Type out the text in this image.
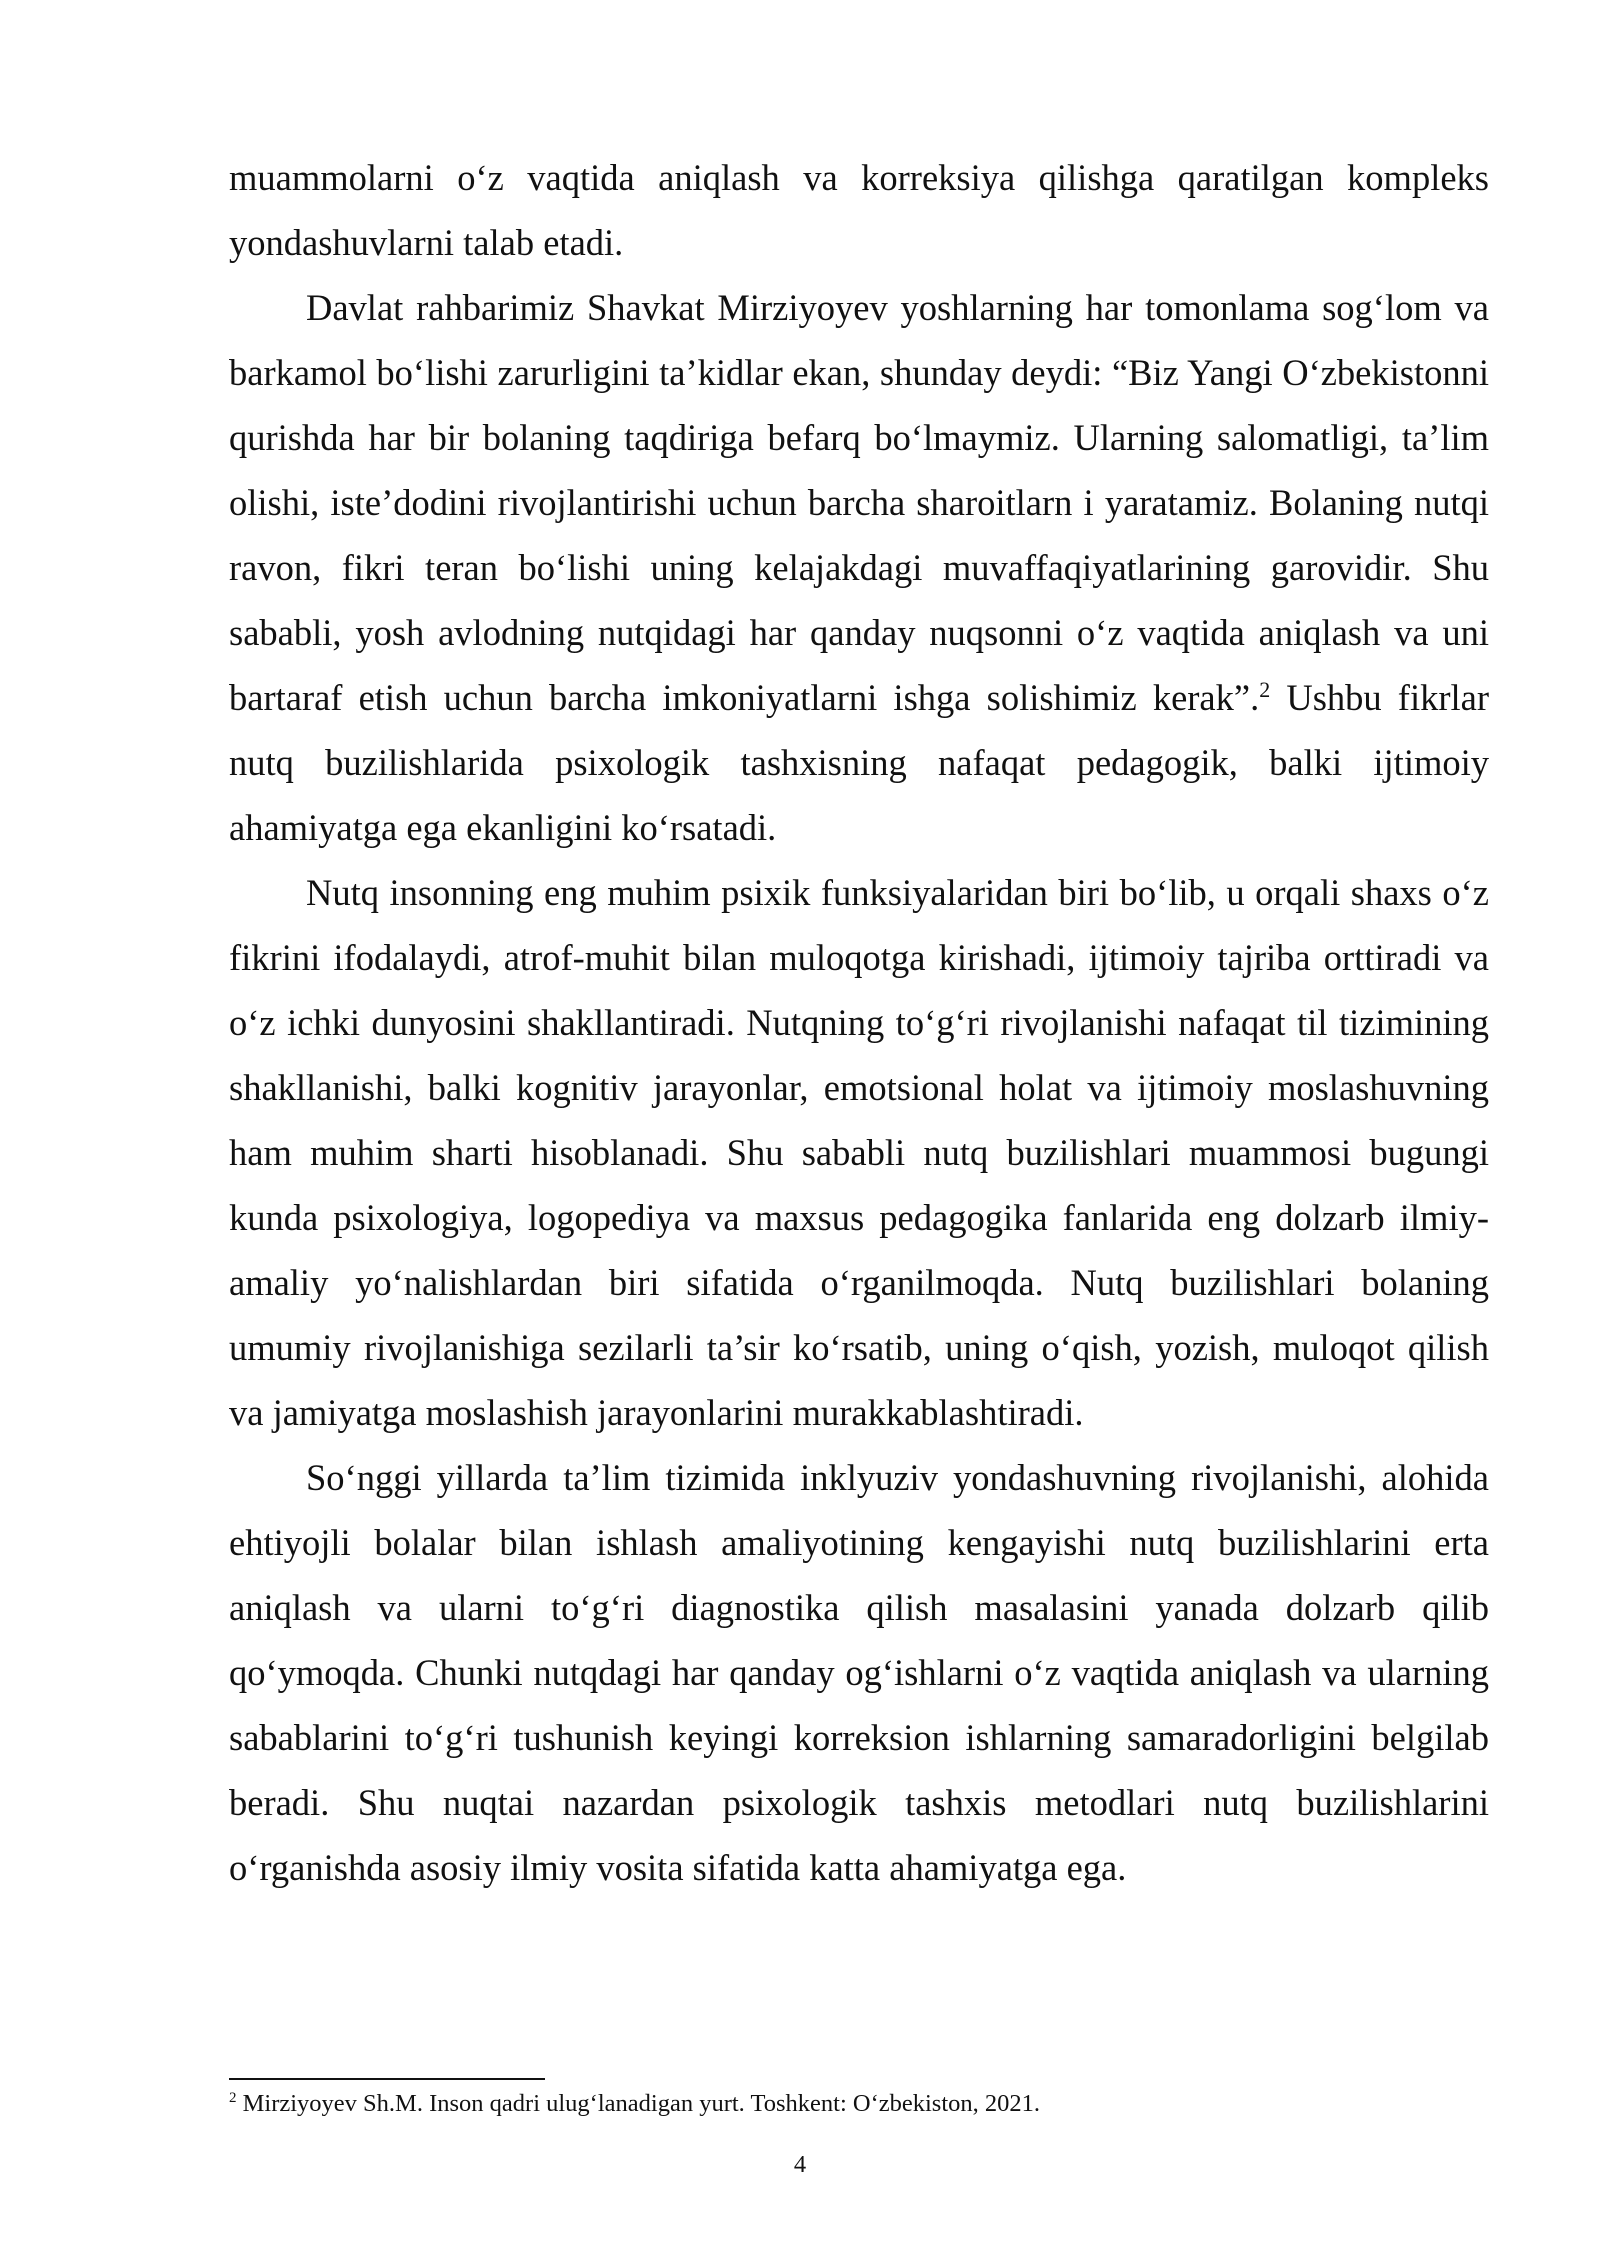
muammolarni o‘z vaqtida aniqlash va korreksiya qilishga qaratilgan kompleks yondashuvlarni talab etadi.

Davlat rahbarimiz Shavkat Mirziyoyev yoshlarning har tomonlama sog‘lom va barkamol bo‘lishi zarurligini ta’kidlar ekan, shunday deydi: “Biz Yangi O‘zbekistonni qurishda har bir bolaning taqdiriga befarq bo‘lmaymiz. Ularning salomatligi, ta’lim olishi, iste’dodini rivojlantirishi uchun barcha sharoitlarn i yaratamiz. Bolaning nutqi ravon, fikri teran bo‘lishi uning kelajakdagi muvaffaqiyatlarining garovidir. Shu sababli, yosh avlodning nutqidagi har qanday nuqsonni o‘z vaqtida aniqlash va uni bartaraf etish uchun barcha imkoniyatlarni ishga solishimiz kerak”.$^2$ Ushbu fikrlar nutq buzilishlarida psixologik tashxisning nafaqat pedagogik, balki ijtimoiy ahamiyatga ega ekanligini ko‘rsatadi.

Nutq insonning eng muhim psixik funksiyalaridan biri bo‘lib, u orqali shaxs o‘z fikrini ifodalaydi, atrof-muhit bilan muloqotga kirishadi, ijtimoiy tajriba orttiradi va o‘z ichki dunyosini shakllantiradi. Nutqning to‘g‘ri rivojlanishi nafaqat til tizimining shakllanishi, balki kognitiv jarayonlar, emotsional holat va ijtimoiy moslashuvning ham muhim sharti hisoblanadi. Shu sababli nutq buzilishlari muammosi bugungi kunda psixologiya, logopediya va maxsus pedagogika fanlarida eng dolzarb ilmiy-amaliy yo‘nalishlardan biri sifatida o‘rganilmoqda. Nutq buzilishlari bolaning umumiy rivojlanishiga sezilarli ta’sir ko‘rsatib, uning o‘qish, yozish, muloqot qilish va jamiyatga moslashish jarayonlarini murakkablashtiradi.

So‘nggi yillarda ta’lim tizimida inklyuziv yondashuvning rivojlanishi, alohida ehtiyojli bolalar bilan ishlash amaliyotining kengayishi nutq buzilishlarini erta aniqlash va ularni to‘g‘ri diagnostika qilish masalasini yanada dolzarb qilib qo‘ymoqda. Chunki nutqdagi har qanday og‘ishlarni o‘z vaqtida aniqlash va ularning sabablarini to‘g‘ri tushunish keyingi korreksion ishlarning samaradorligini belgilab beradi. Shu nuqtai nazardan psixologik tashxis metodlari nutq buzilishlarini o‘rganishda asosiy ilmiy vosita sifatida katta ahamiyatga ega.

$^2$ Mirziyoyev Sh.M. Inson qadri ulug‘lanadigan yurt. Toshkent: O‘zbekiston, 2021.
4
